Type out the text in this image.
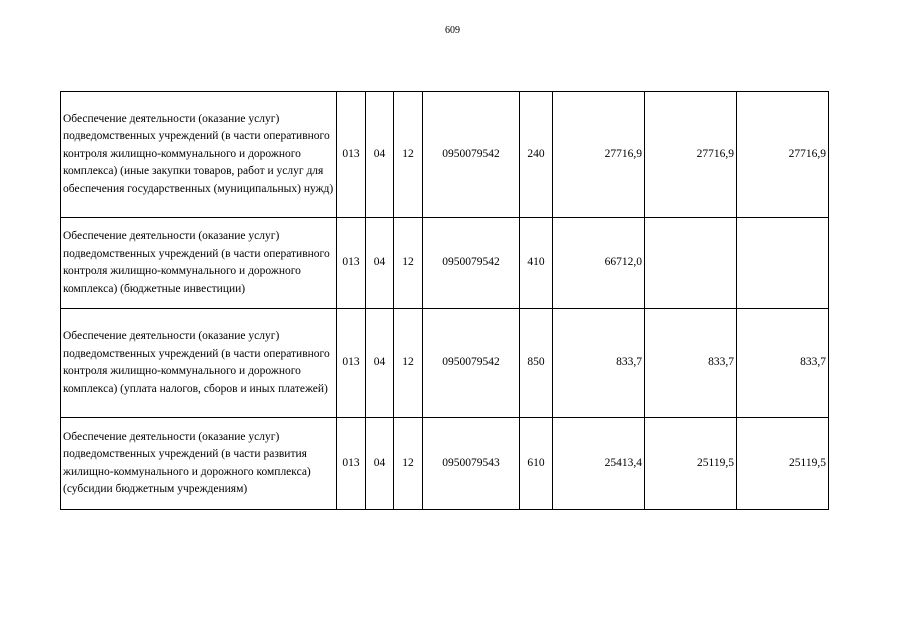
609
Обеспечение деятельности (оказание услуг) подведомственных учреждений (в части оперативного контроля жилищно-коммунального и дорожного комплекса) (иные закупки товаров, работ и услуг для обеспечения государственных (муниципальных) нужд)	013	04	12	0950079542	240	27716,9	27716,9	27716,9
Обеспечение деятельности (оказание услуг) подведомственных учреждений (в части оперативного контроля жилищно-коммунального и дорожного комплекса) (бюджетные инвестиции)	013	04	12	0950079542	410	66712,0		
Обеспечение деятельности (оказание услуг) подведомственных учреждений (в части оперативного контроля жилищно-коммунального и дорожного комплекса) (уплата налогов, сборов и иных платежей)	013	04	12	0950079542	850	833,7	833,7	833,7
Обеспечение деятельности (оказание услуг) подведомственных учреждений (в части развития жилищно-коммунального и дорожного комплекса) (субсидии бюджетным учреждениям)	013	04	12	0950079543	610	25413,4	25119,5	25119,5
